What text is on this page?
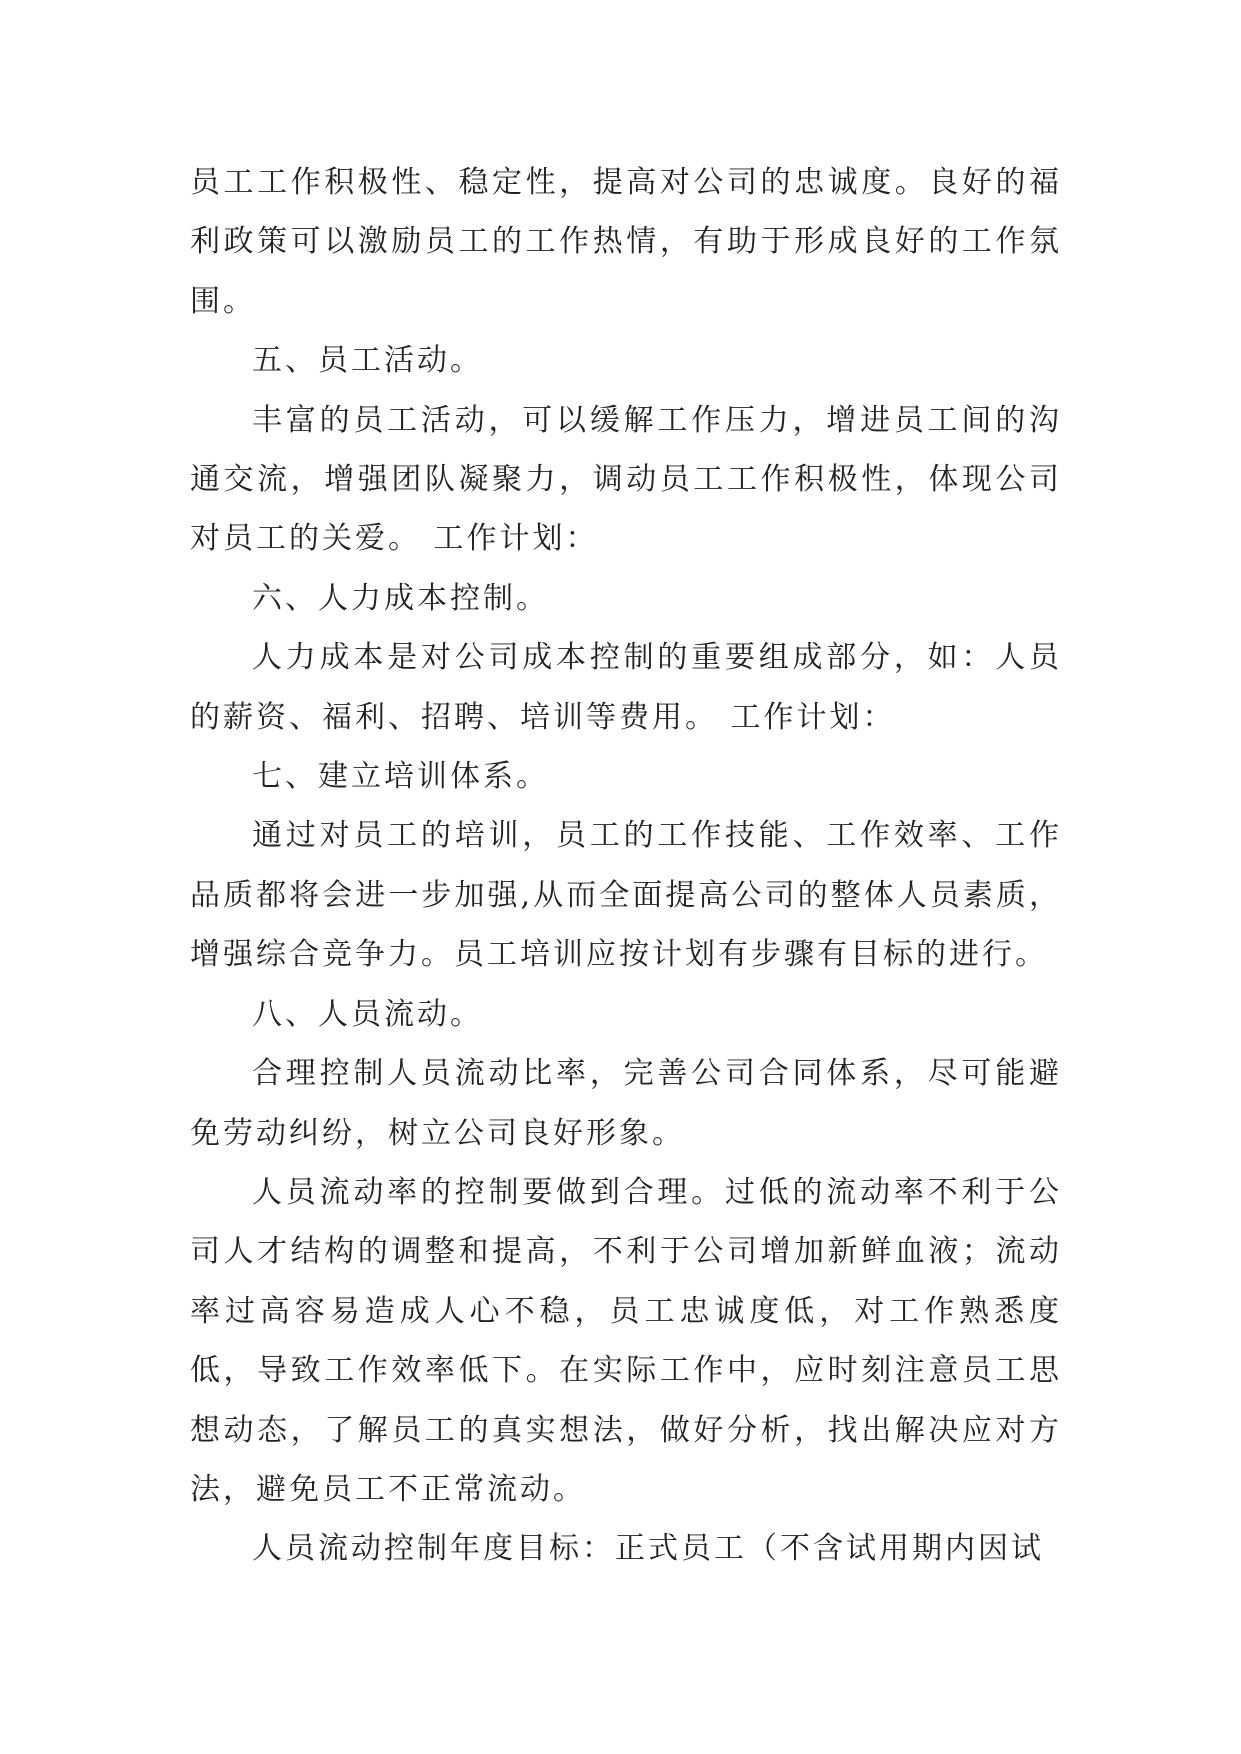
员工工作积极性、稳定性，提高对公司的忠诚度。良好的福利政策可以激励员工的工作热情，有助于形成良好的工作氛围。

五、员工活动。

丰富的员工活动，可以缓解工作压力，增进员工间的沟通交流，增强团队凝聚力，调动员工工作积极性，体现公司对员工的关爱。 工作计划：

六、人力成本控制。

人力成本是对公司成本控制的重要组成部分，如：人员的薪资、福利、招聘、培训等费用。 工作计划：

七、建立培训体系。

通过对员工的培训，员工的工作技能、工作效率、工作品质都将会进一步加强,从而全面提高公司的整体人员素质，增强综合竞争力。员工培训应按计划有步骤有目标的进行。

八、人员流动。

合理控制人员流动比率，完善公司合同体系，尽可能避免劳动纠纷，树立公司良好形象。

人员流动率的控制要做到合理。过低的流动率不利于公司人才结构的调整和提高，不利于公司增加新鲜血液；流动率过高容易造成人心不稳，员工忠诚度低，对工作熟悉度低，导致工作效率低下。在实际工作中，应时刻注意员工思想动态，了解员工的真实想法，做好分析，找出解决应对方法，避免员工不正常流动。

人员流动控制年度目标：正式员工（不含试用期内因试
